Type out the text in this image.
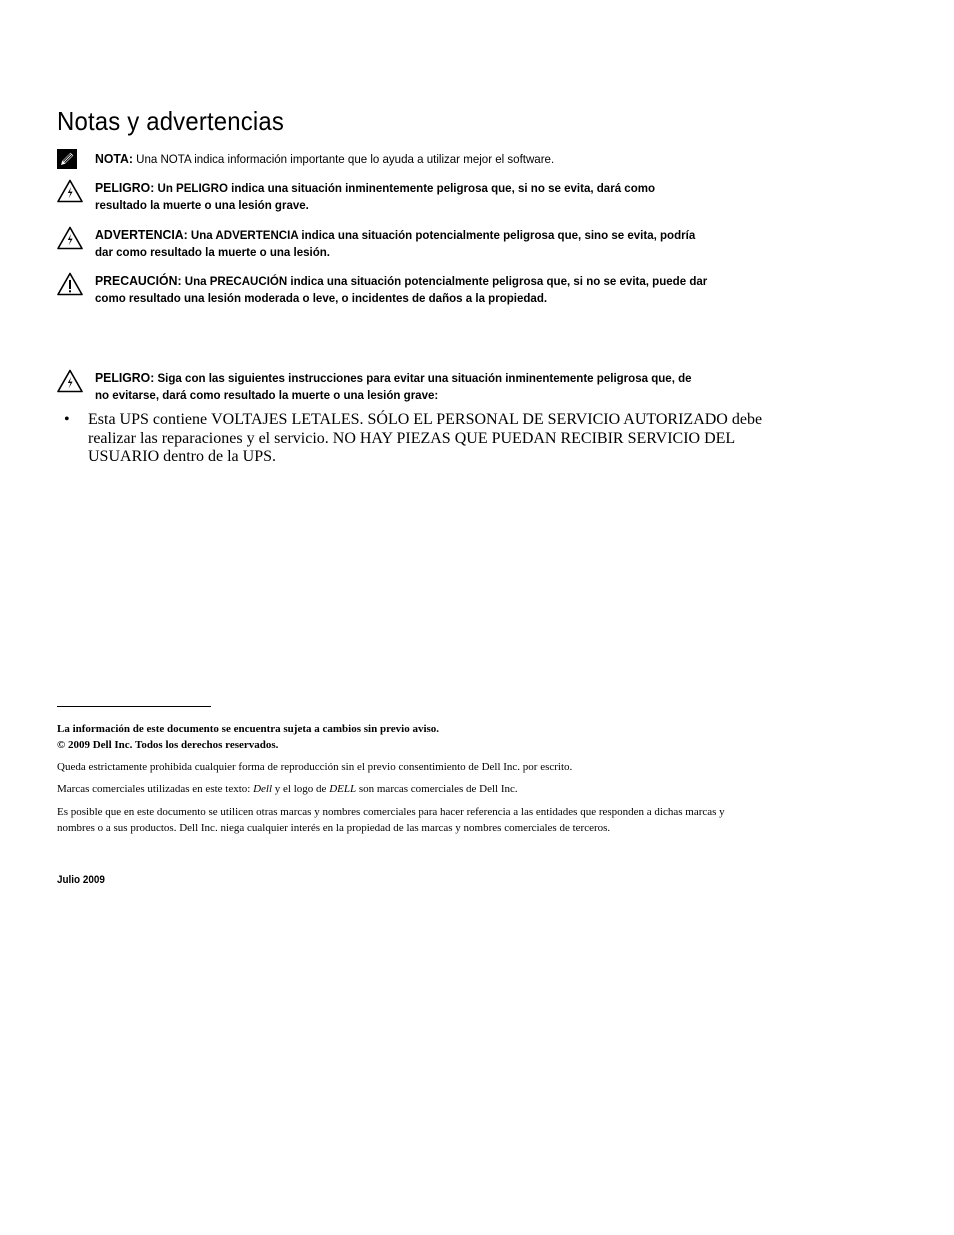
Notas y advertencias
NOTA: Una NOTA indica información importante que lo ayuda a utilizar mejor el software.
PELIGRO: Un PELIGRO indica una situación inminentemente peligrosa que, si no se evita, dará como resultado la muerte o una lesión grave.
ADVERTENCIA: Una ADVERTENCIA indica una situación potencialmente peligrosa que, sino se evita, podría dar como resultado la muerte o una lesión.
PRECAUCIÓN: Una PRECAUCIÓN indica una situación potencialmente peligrosa que, si no se evita, puede dar como resultado una lesión moderada o leve, o incidentes de daños a la propiedad.
PELIGRO: Siga con las siguientes instrucciones para evitar una situación inminentemente peligrosa que, de no evitarse, dará como resultado la muerte o una lesión grave:
• Esta UPS contiene VOLTAJES LETALES. SÓLO EL PERSONAL DE SERVICIO AUTORIZADO debe realizar las reparaciones y el servicio. NO HAY PIEZAS QUE PUEDAN RECIBIR SERVICIO DEL USUARIO dentro de la UPS.
La información de este documento se encuentra sujeta a cambios sin previo aviso.
© 2009 Dell Inc. Todos los derechos reservados.
Queda estrictamente prohibida cualquier forma de reproducción sin el previo consentimiento de Dell Inc. por escrito.
Marcas comerciales utilizadas en este texto: Dell y el logo de DELL son marcas comerciales de Dell Inc.
Es posible que en este documento se utilicen otras marcas y nombres comerciales para hacer referencia a las entidades que responden a dichas marcas y nombres o a sus productos. Dell Inc. niega cualquier interés en la propiedad de las marcas y nombres comerciales de terceros.
Julio 2009
